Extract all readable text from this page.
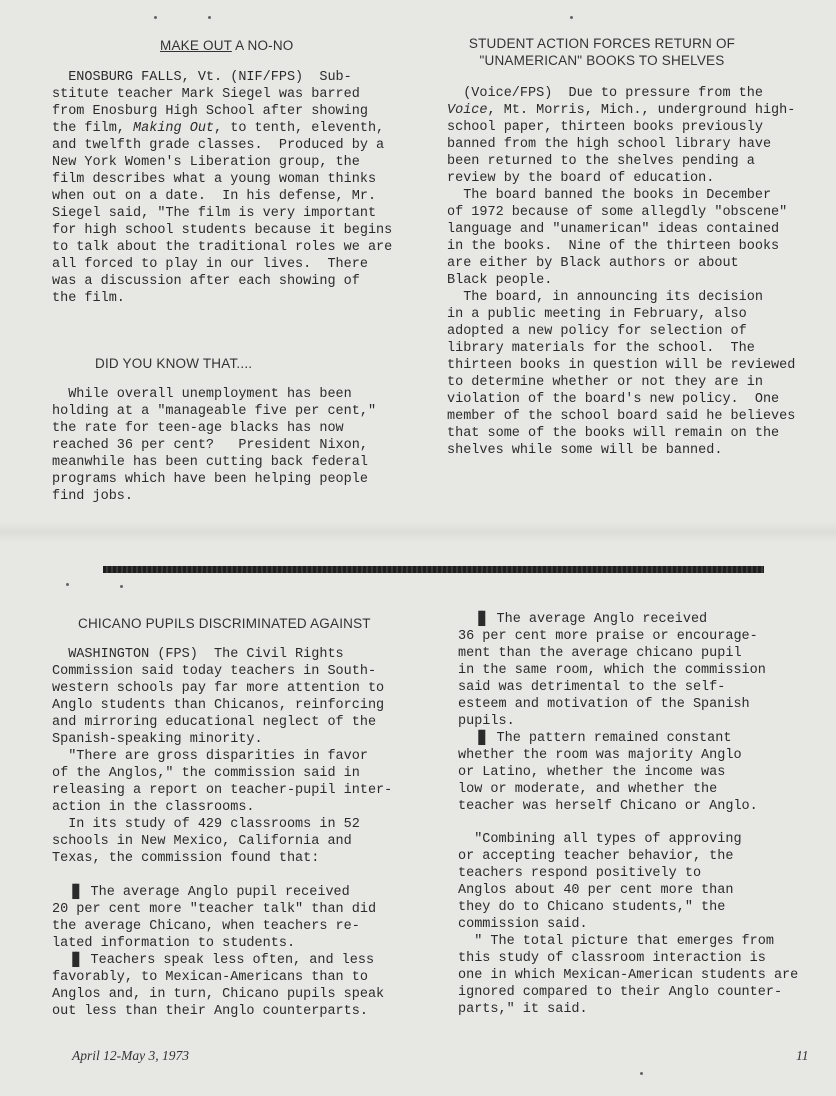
MAKE OUT A NO-NO

ENOSBURG FALLS, Vt. (NIF/FPS)  Sub-

stitute teacher Mark Siegel was barred

from Enosburg High School after showing

the film, Making Out, to tenth, eleventh,

and twelfth grade classes.  Produced by a

New York Women's Liberation group, the

film describes what a young woman thinks

when out on a date.  In his defense, Mr.

Siegel said, "The film is very important

for high school students because it begins

to talk about the traditional roles we are

all forced to play in our lives.  There

was a discussion after each showing of

the film.

DID YOU KNOW THAT....

While overall unemployment has been

holding at a "manageable five per cent,"

the rate for teen-age blacks has now

reached 36 per cent?   President Nixon,

meanwhile has been cutting back federal

programs which have been helping people

find jobs.

STUDENT ACTION FORCES RETURN OF
"UNAMERICAN" BOOKS TO SHELVES

(Voice/FPS)  Due to pressure from the

Voice, Mt. Morris, Mich., underground high-

school paper, thirteen books previously

banned from the high school library have

been returned to the shelves pending a

review by the board of education.

The board banned the books in December

of 1972 because of some allegdly "obscene"

language and "unamerican" ideas contained

in the books.  Nine of the thirteen books

are either by Black authors or about

Black people.

The board, in announcing its decision

in a public meeting in February, also

adopted a new policy for selection of

library materials for the school.  The

thirteen books in question will be reviewed

to determine whether or not they are in

violation of the board's new policy.  One

member of the school board said he believes

that some of the books will remain on the

shelves while some will be banned.

CHICANO PUPILS DISCRIMINATED AGAINST

WASHINGTON (FPS)  The Civil Rights

Commission said today teachers in South-

western schools pay far more attention to

Anglo students than Chicanos, reinforcing

and mirroring educational neglect of the

Spanish-speaking minority.

"There are gross disparities in favor

of the Anglos," the commission said in

releasing a report on teacher-pupil inter-

action in the classrooms.

In its study of 429 classrooms in 52

schools in New Mexico, California and

Texas, the commission found that:

▐▌ The average Anglo pupil received

20 per cent more "teacher talk" than did

the average Chicano, when teachers re-

lated information to students.

▐▌ Teachers speak less often, and less

favorably, to Mexican-Americans than to

Anglos and, in turn, Chicano pupils speak

out less than their Anglo counterparts.

▐▌ The average Anglo received

36 per cent more praise or encourage-

ment than the average chicano pupil

in the same room, which the commission

said was detrimental to the self-

esteem and motivation of the Spanish

pupils.

▐▌ The pattern remained constant

whether the room was majority Anglo

or Latino, whether the income was

low or moderate, and whether the

teacher was herself Chicano or Anglo.

"Combining all types of approving

or accepting teacher behavior, the

teachers respond positively to

Anglos about 40 per cent more than

they do to Chicano students," the

commission said.

" The total picture that emerges from

this study of classroom interaction is

one in which Mexican-American students are

ignored compared to their Anglo counter-

parts," it said.

April 12-May 3, 1973	11
